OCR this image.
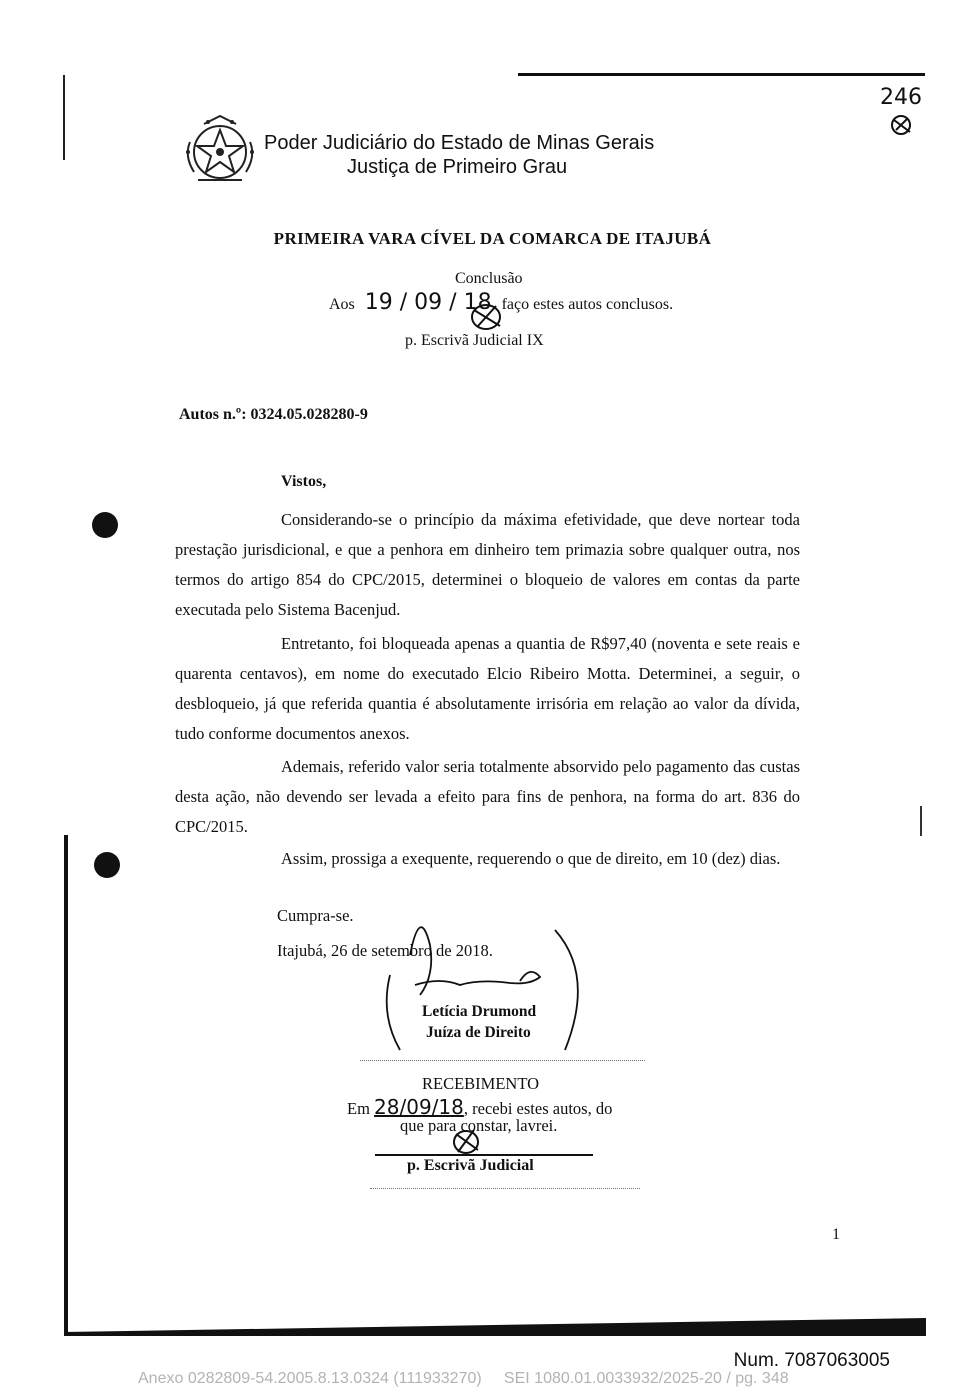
Poder Judiciário do Estado de Minas Gerais
Justiça de Primeiro Grau
246
PRIMEIRA VARA CÍVEL DA COMARCA DE ITAJUBÁ
Conclusão
Aos 19 / 09 / 18 faço estes autos conclusos.
p. Escrivã Judicial IX
Autos n.º: 0324.05.028280-9
Vistos,
Considerando-se o princípio da máxima efetividade, que deve nortear toda prestação jurisdicional, e que a penhora em dinheiro tem primazia sobre qualquer outra, nos termos do artigo 854 do CPC/2015, determinei o bloqueio de valores em contas da parte executada pelo Sistema Bacenjud.
Entretanto, foi bloqueada apenas a quantia de R$97,40 (noventa e sete reais e quarenta centavos), em nome do executado Elcio Ribeiro Motta. Determinei, a seguir, o desbloqueio, já que referida quantia é absolutamente irrisória em relação ao valor da dívida, tudo conforme documentos anexos.
Ademais, referido valor seria totalmente absorvido pelo pagamento das custas desta ação, não devendo ser levada a efeito para fins de penhora, na forma do art. 836 do CPC/2015.
Assim, prossiga a exequente, requerendo o que de direito, em 10 (dez) dias.
Cumpra-se.
Itajubá, 26 de setembro de 2018.
Letícia Drumond
Juíza de Direito
RECEBIMENTO
Em 28/09/18, recebi estes autos, do
que para constar, lavrei.
p. Escrivã Judicial
1
Num. 7087063005
Anexo 0282809-54.2005.8.13.0324 (111933270)     SEI 1080.01.0033932/2025-20 / pg. 348
